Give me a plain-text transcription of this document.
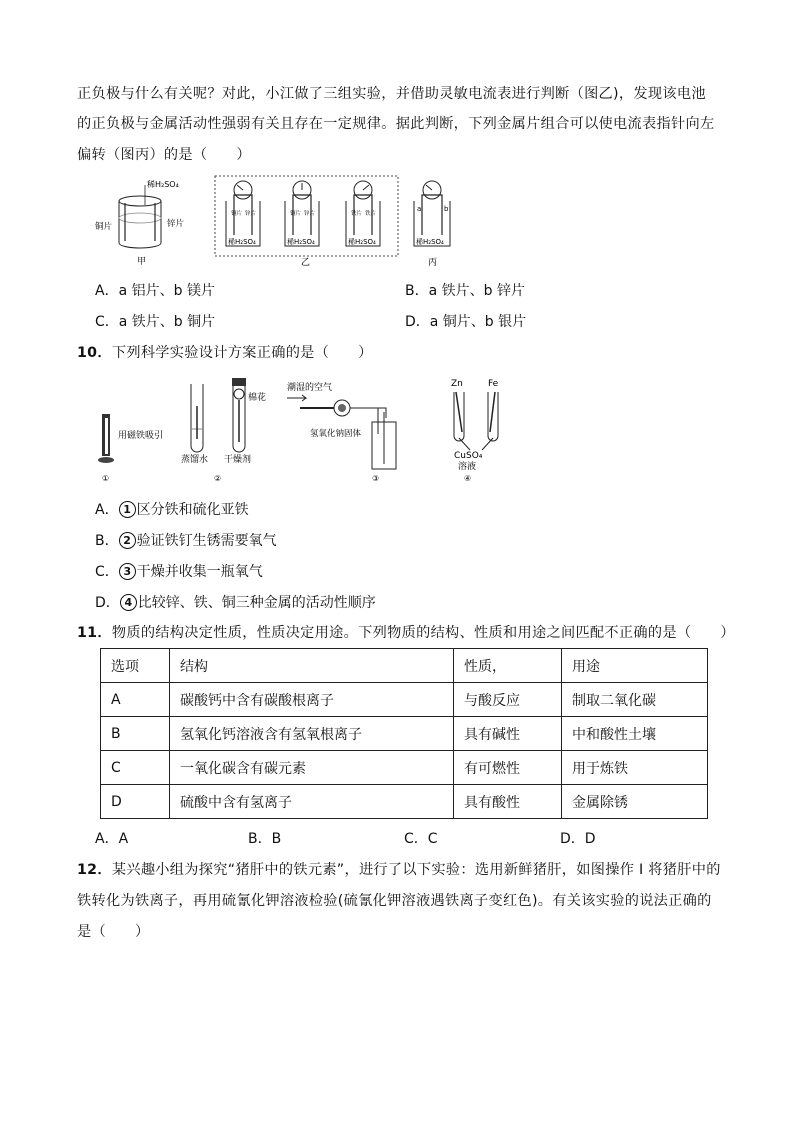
正负极与什么有关呢？对此，小江做了三组实验，并借助灵敏电流表进行判断（图乙)，发现该电池
的正负极与金属活动性强弱有关且存在一定规律。据此判断，下列金属片组合可以使电流表指针向左
偏转（图丙）的是（　　）
稀H₂SO₄
铜片	锌片
甲
铜片 锌片
稀H₂SO₄
铜片 锌片
稀H₂SO₄
铁片 铁片
稀H₂SO₄
乙
a	b
稀H₂SO₄
丙
A．a 铝片、b 镁片	B．a 铁片、b 锌片
C．a 铁片、b 铜片	D．a 铜片、b 银片
10．下列科学实验设计方案正确的是（　　）
用磁铁吸引
①
棉花
蒸馏水 干燥剂
②
潮湿的空气
氢氧化钠固体
③
Zn	Fe
CuSO₄
溶液
④
A． 1 区分铁和硫化亚铁
B． 2 验证铁钉生锈需要氧气
C． 3 干燥并收集一瓶氧气
D． 4 比较锌、铁、铜三种金属的活动性顺序
11．物质的结构决定性质，性质决定用途。下列物质的结构、性质和用途之间匹配不正确的是（　　）
选项	结构	性质，	用途
A	碳酸钙中含有碳酸根离子	与酸反应	制取二氧化碳
B	氢氧化钙溶液含有氢氧根离子	具有碱性	中和酸性土壤
C	一氧化碳含有碳元素	有可燃性	用于炼铁
D	硫酸中含有氢离子	具有酸性	金属除锈
A．A	B．B	C．C	D．D
12．某兴趣小组为探究“猪肝中的铁元素”，进行了以下实验：选用新鲜猪肝，如图操作 I 将猪肝中的
铁转化为铁离子，再用硫氰化钾溶液检验(硫氰化钾溶液遇铁离子变红色)。有关该实验的说法正确的
是（　　）
